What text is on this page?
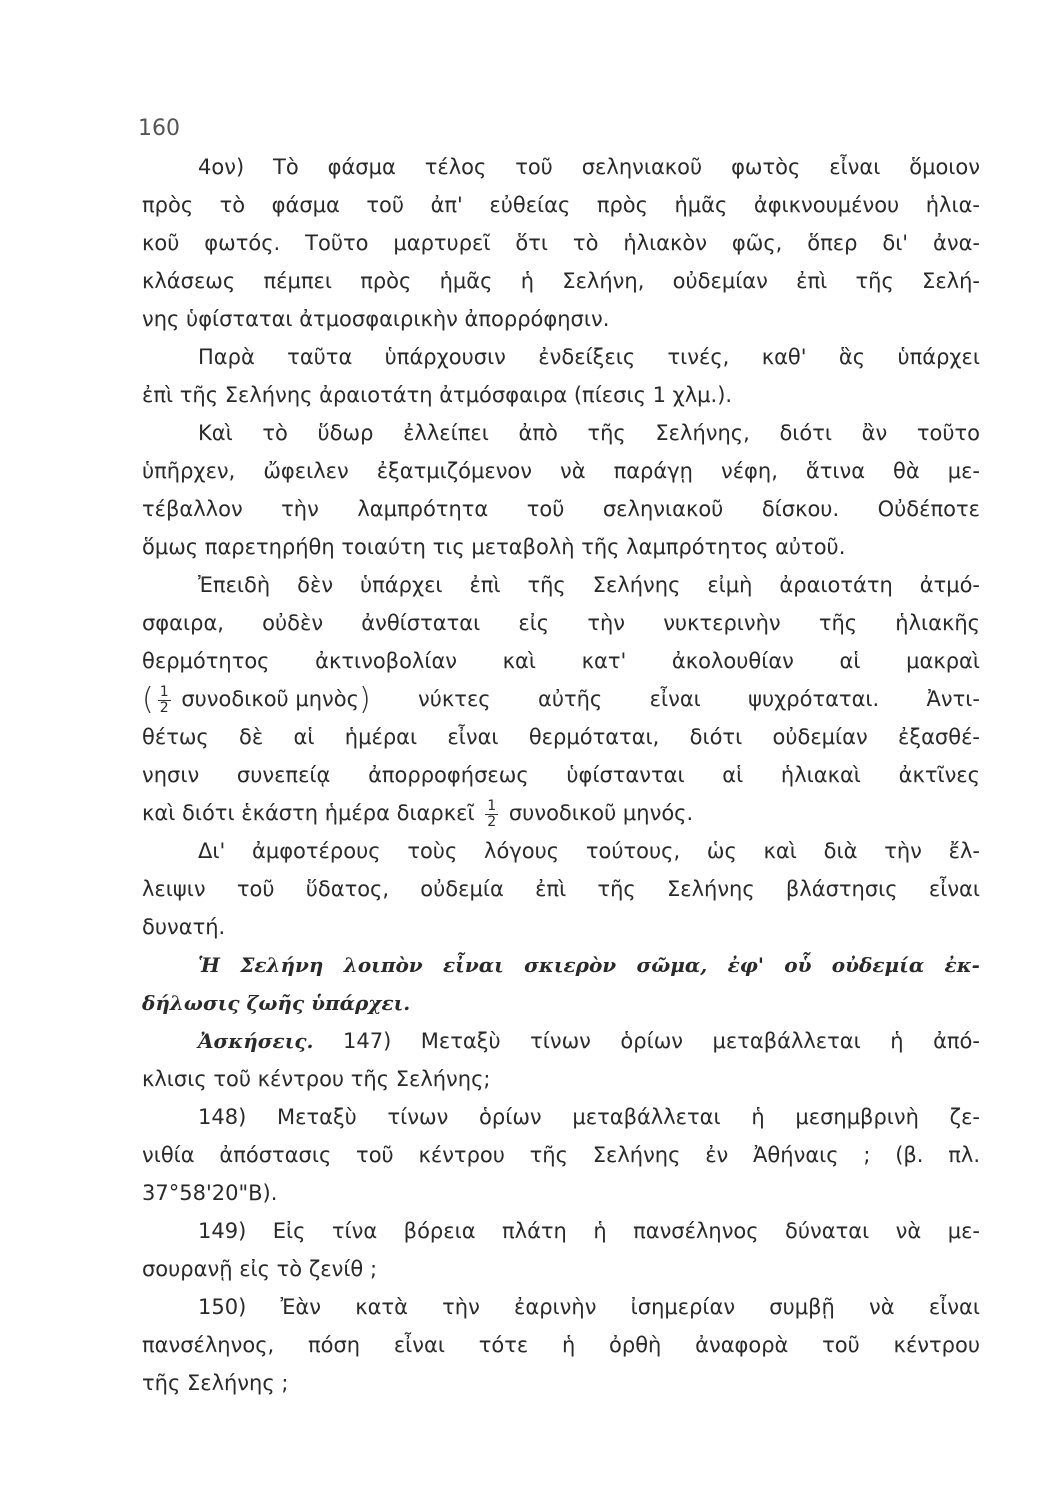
160
4ον) Τὸ φάσμα τέλος τοῦ σεληνιακοῦ φωτὸς εἶναι ὅμοιον
πρὸς τὸ φάσμα τοῦ ἀπ' εὐθείας πρὸς ἡμᾶς ἀφικνουμένου ἡλια-
κοῦ φωτός. Τοῦτο μαρτυρεῖ ὅτι τὸ ἡλιακὸν φῶς, ὅπερ δι' ἀνα-
κλάσεως πέμπει πρὸς ἡμᾶς ἡ Σελήνη, οὐδεμίαν ἐπὶ τῆς Σελή-
νης ὑφίσταται ἀτμοσφαιρικὴν ἀπορρόφησιν.
Παρὰ ταῦτα ὑπάρχουσιν ἐνδείξεις τινές, καθ' ἃς ὑπάρχει
ἐπὶ τῆς Σελήνης ἀραιοτάτη ἀτμόσφαιρα (πίεσις 1 χλμ.).
Καὶ τὸ ὕδωρ ἐλλείπει ἀπὸ τῆς Σελήνης, διότι ἂν τοῦτο
ὑπῆρχεν, ὤφειλεν ἐξατμιζόμενον νὰ παράγῃ νέφη, ἅτινα θὰ με-
τέβαλλον τὴν λαμπρότητα τοῦ σεληνιακοῦ δίσκου. Οὐδέποτε
ὅμως παρετηρήθη τοιαύτη τις μεταβολὴ τῆς λαμπρότητος αὐτοῦ.
Ἐπειδὴ δὲν ὑπάρχει ἐπὶ τῆς Σελήνης εἰμὴ ἀραιοτάτη ἀτμό-
σφαιρα, οὐδὲν ἀνθίσταται εἰς τὴν νυκτερινὴν τῆς ἡλιακῆς
θερμότητος ἀκτινοβολίαν καὶ κατ' ἀκολουθίαν αἱ μακραὶ
( $\frac{1}{2}$ συνοδικοῦ μηνὸς) νύκτες αὐτῆς εἶναι ψυχρόταται. Ἀντι-
θέτως δὲ αἱ ἡμέραι εἶναι θερμόταται, διότι οὐδεμίαν ἐξασθέ-
νησιν συνεπείᾳ ἀπορροφήσεως ὑφίστανται αἱ ἡλιακαὶ ἀκτῖνες
καὶ διότι ἑκάστη ἡμέρα διαρκεῖ $\frac{1}{2}$ συνοδικοῦ μηνός.
Δι' ἀμφοτέρους τοὺς λόγους τούτους, ὡς καὶ διὰ τὴν ἔλ-
λειψιν τοῦ ὕδατος, οὐδεμία ἐπὶ τῆς Σελήνης βλάστησις εἶναι
δυνατή.
Ἡ Σελήνη λοιπὸν εἶναι σκιερὸν σῶμα, ἐφ' οὗ οὐδεμία ἐκ-
δήλωσις ζωῆς ὑπάρχει.
Ἀσκήσεις. 147) Μεταξὺ τίνων ὁρίων μεταβάλλεται ἡ ἀπό-
κλισις τοῦ κέντρου τῆς Σελήνης;
148) Μεταξὺ τίνων ὁρίων μεταβάλλεται ἡ μεσημβρινὴ ζε-
νιθία ἀπόστασις τοῦ κέντρου τῆς Σελήνης ἐν Ἀθήναις ; (β. πλ.
37°58'20"Β).
149) Εἰς τίνα βόρεια πλάτη ἡ πανσέληνος δύναται νὰ με-
σουρανῇ εἰς τὸ ζενίθ ;
150) Ἐὰν κατὰ τὴν ἐαρινὴν ἰσημερίαν συμβῇ νὰ εἶναι
πανσέληνος, πόση εἶναι τότε ἡ ὀρθὴ ἀναφορὰ τοῦ κέντρου
τῆς Σελήνης ;
